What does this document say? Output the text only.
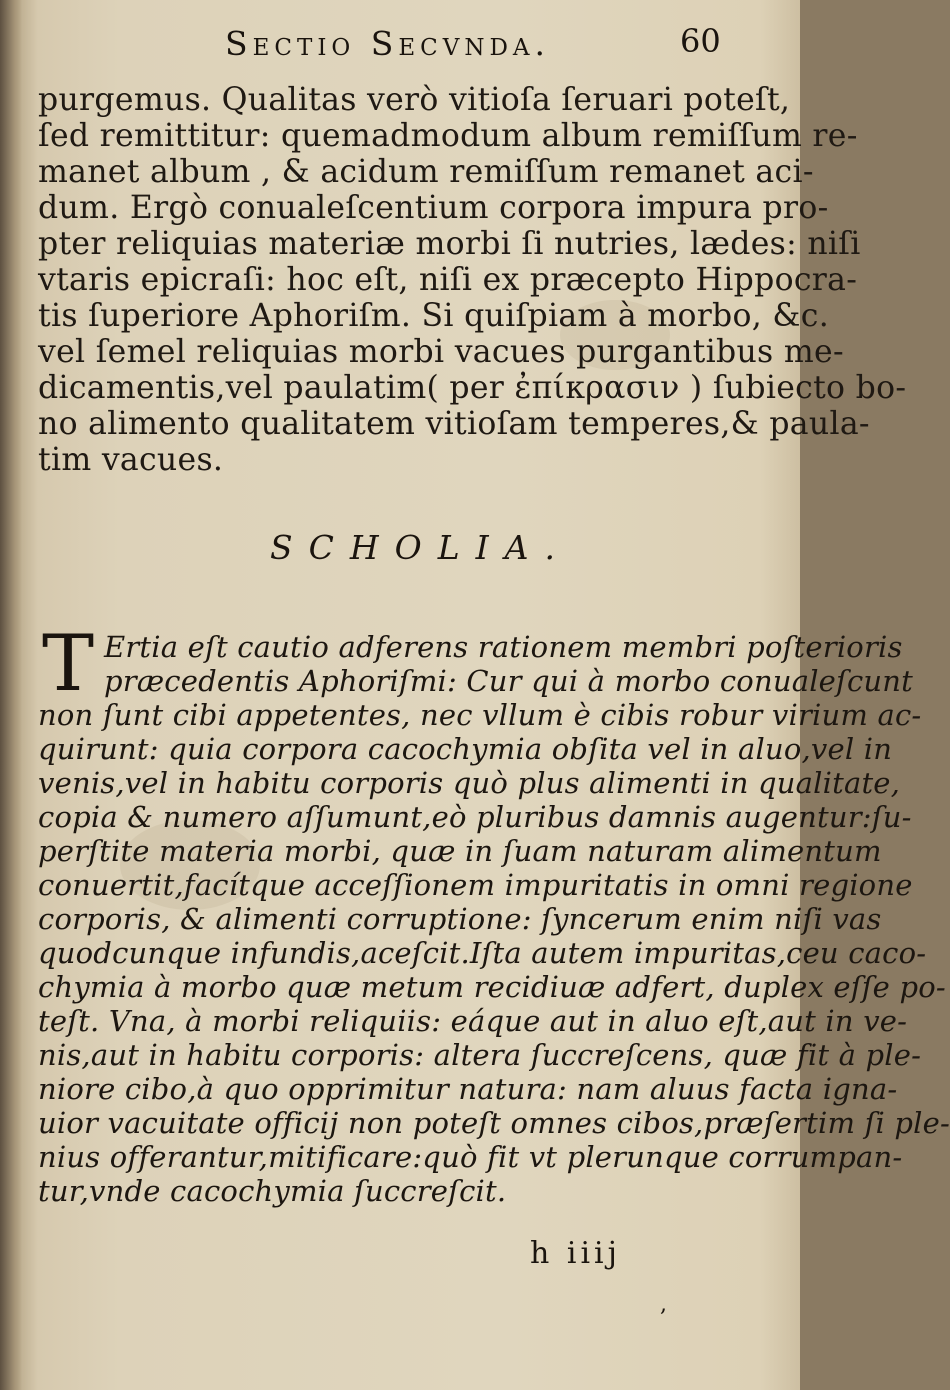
Sectio Secvnda.	60
purgemus. Qualitas verò vitioſa ſeruari poteſt,
ſed remittitur: quemadmodum album remiſſum re-
manet album , & acidum remiſſum remanet aci-
dum. Ergò conualeſcentium corpora impura pro-
pter reliquias materiæ morbi ſi nutries, lædes: niſi
vtaris epicraſi: hoc eſt, niſi ex præcepto Hippocra-
tis ſuperiore Aphoriſm. Si quiſpiam à morbo, &c.
vel ſemel reliquias morbi vacues purgantibus me-
dicamentis,vel paulatim( per ἐπίκρασιν ) ſubiecto bo-
no alimento qualitatem vitioſam temperes,& paula-
tim vacues.
SCHOLIA.
T Ertia eſt cautio adferens rationem membri poſterioris
præcedentis Aphoriſmi: Cur qui à morbo conualeſcunt
non ſunt cibi appetentes, nec vllum è cibis robur virium ac-
quirunt: quia corpora cacochymia obſita vel in aluo,vel in
venis,vel in habitu corporis quò plus alimenti in qualitate,
copia & numero aſſumunt,eò pluribus damnis augentur:ſu-
perſtite materia morbi, quæ in ſuam naturam alimentum
conuertit,facítque acceſſionem impuritatis in omni regione
corporis, & alimenti corruptione: ſyncerum enim niſi vas
quodcunque infundis,aceſcit.Iſta autem impuritas,ceu caco-
chymia à morbo quæ metum recidiuæ adfert, duplex eſſe po-
teſt. Vna, à morbi reliquiis: eáque aut in aluo eſt,aut in ve-
nis,aut in habitu corporis: altera ſuccreſcens, quæ fit à ple-
niore cibo,à quo opprimitur natura: nam aluus facta igna-
uior vacuitate officij non poteſt omnes cibos,præſertim ſi ple-
nius offerantur,mitificare:quò fit vt plerunque corrumpan-
tur,vnde cacochymia ſuccreſcit.
h iiij
,
